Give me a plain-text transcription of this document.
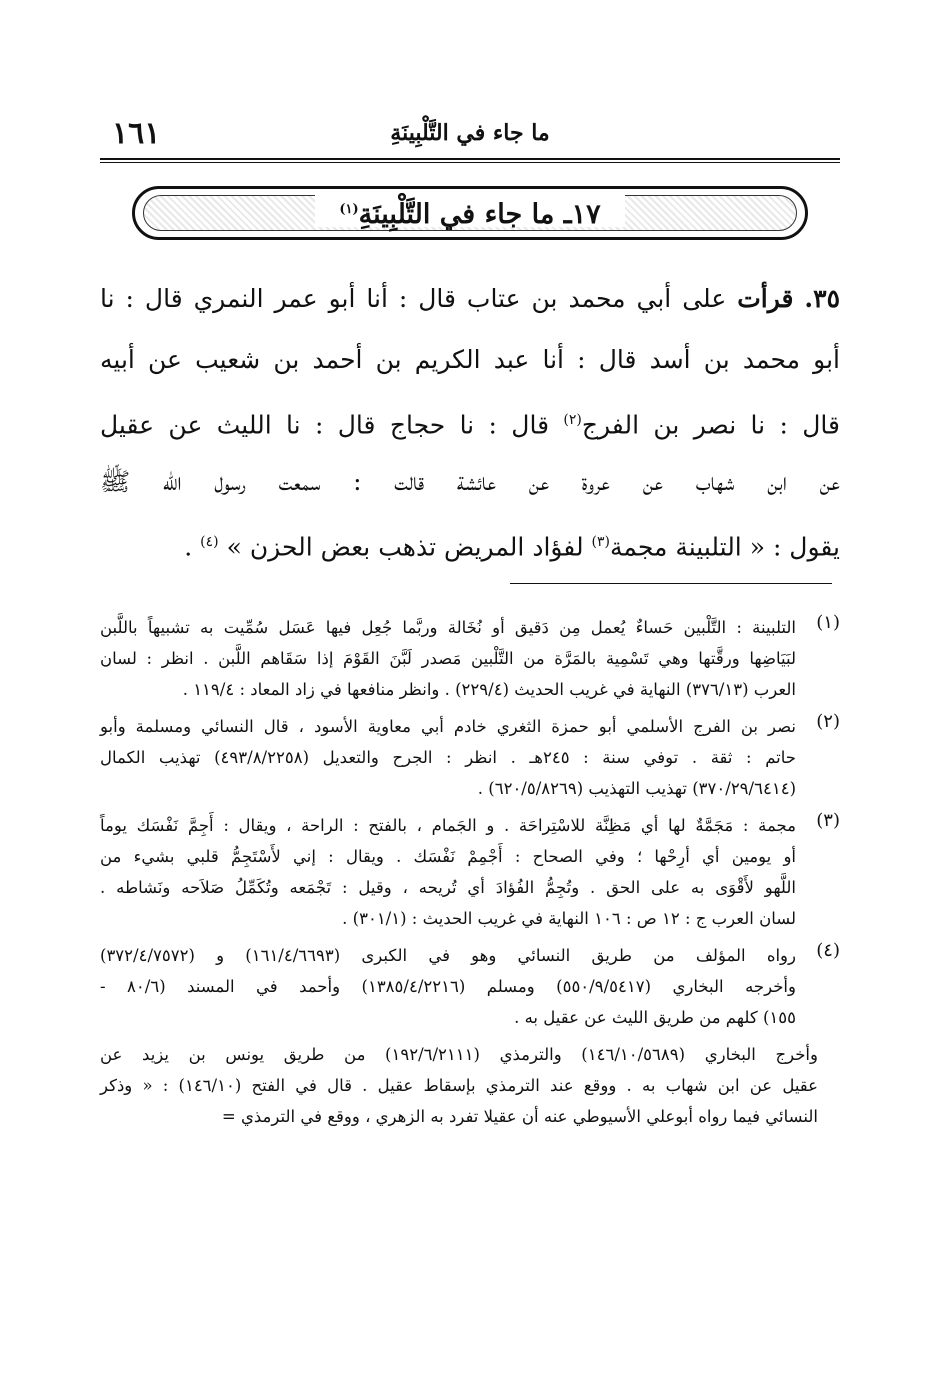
ما جاء في التَّلْبِينَةِ
١٦١
١٧ـ ما جاء في التَّلْبِينَةِ$^{(١)}$
٣٥. قرأت على أبي محمد بن عتاب قال : أنا أبو عمر النمري قال : نا
أبو محمد بن أسد قال : أنا عبد الكريم بن أحمد بن شعيب عن أبيه
قال : نا نصر بن الفرج$^{(٢)}$ قال : نا حجاج قال : نا الليث عن عقيل
عن ابن شهاب عن عروة عن عائشة قالت : سمعت رسول الله ﷺ
يقول : « التلبينة مجمة$^{(٣)}$ لفؤاد المريض تذهب بعض الحزن » $^{(٤)}$ .
(١)
التلبينة : التَّلْبين حَساءٌ يُعمل مِن دَقيق أو نُخَالة وربَّما جُعِل فيها عَسَل سُمِّيت به تشبيهاً باللَّبن
لبَيَاضِها ورقَّتها وهي تَسْمِية بالمَرَّة من التَّلْبين مَصدر لَبَّنَ القَوْمَ إذا سَقَاهم اللَّبن . انظر : لسان
العرب (٣٧٦/١٣) النهاية في غريب الحديث (٢٢٩/٤) . وانظر منافعها في زاد المعاد : ١١٩/٤ .
(٢)
نصر بن الفرج الأسلمي أبو حمزة الثغري خادم أبي معاوية الأسود ، قال النسائي ومسلمة وأبو
حاتم : ثقة . توفي سنة : ٢٤٥هـ . انظر : الجرح والتعديل (٤٩٣/٨/٢٢٥٨) تهذيب الكمال
(٣٧٠/٢٩/٦٤١٤) تهذيب التهذيب (٦٢٠/٥/٨٢٦٩) .
(٣)
مجمة : مَجَمَّةٌ لها أي مَظِنَّة للاسْتِراحَة . و الجَمام ، بالفتح : الراحة ، ويقال : أَجِمَّ نَفْسَك يوماً
أو يومين أي أرِحْها ؛ وفي الصحاح : أَجْمِمْ نَفْسَك . ويقال : إني لأَسْتَجِمُّ قلبي بشيء من
اللَّهو لأَقْوَى به على الحق . وتُجِمُّ الفُؤادَ أي تُريحه ، وقيل : تَجْمَعه وتُكَمِّلُ صَلاَحه ونَشاطه .
لسان العرب ج : ١٢ ص : ١٠٦ النهاية في غريب الحديث : (٣٠١/١) .
(٤)
رواه المؤلف من طريق النسائي وهو في الكبرى (١٦١/٤/٦٦٩٣) و (٣٧٢/٤/٧٥٧٢)
وأخرجه البخاري (٥٥٠/٩/٥٤١٧) ومسلم (١٣٨٥/٤/٢٢١٦) وأحمد في المسند (٨٠/٦ -
١٥٥) كلهم من طريق الليث عن عقيل به .
وأخرج البخاري (١٤٦/١٠/٥٦٨٩) والترمذي (١٩٢/٦/٢١١١) من طريق يونس بن يزيد عن
عقيل عن ابن شهاب به . ووقع عند الترمذي بإسقاط عقيل . قال في الفتح (١٤٦/١٠) : « وذكر
النسائي فيما رواه أبوعلي الأسيوطي عنه أن عقيلا تفرد به الزهري ، ووقع في الترمذي =
